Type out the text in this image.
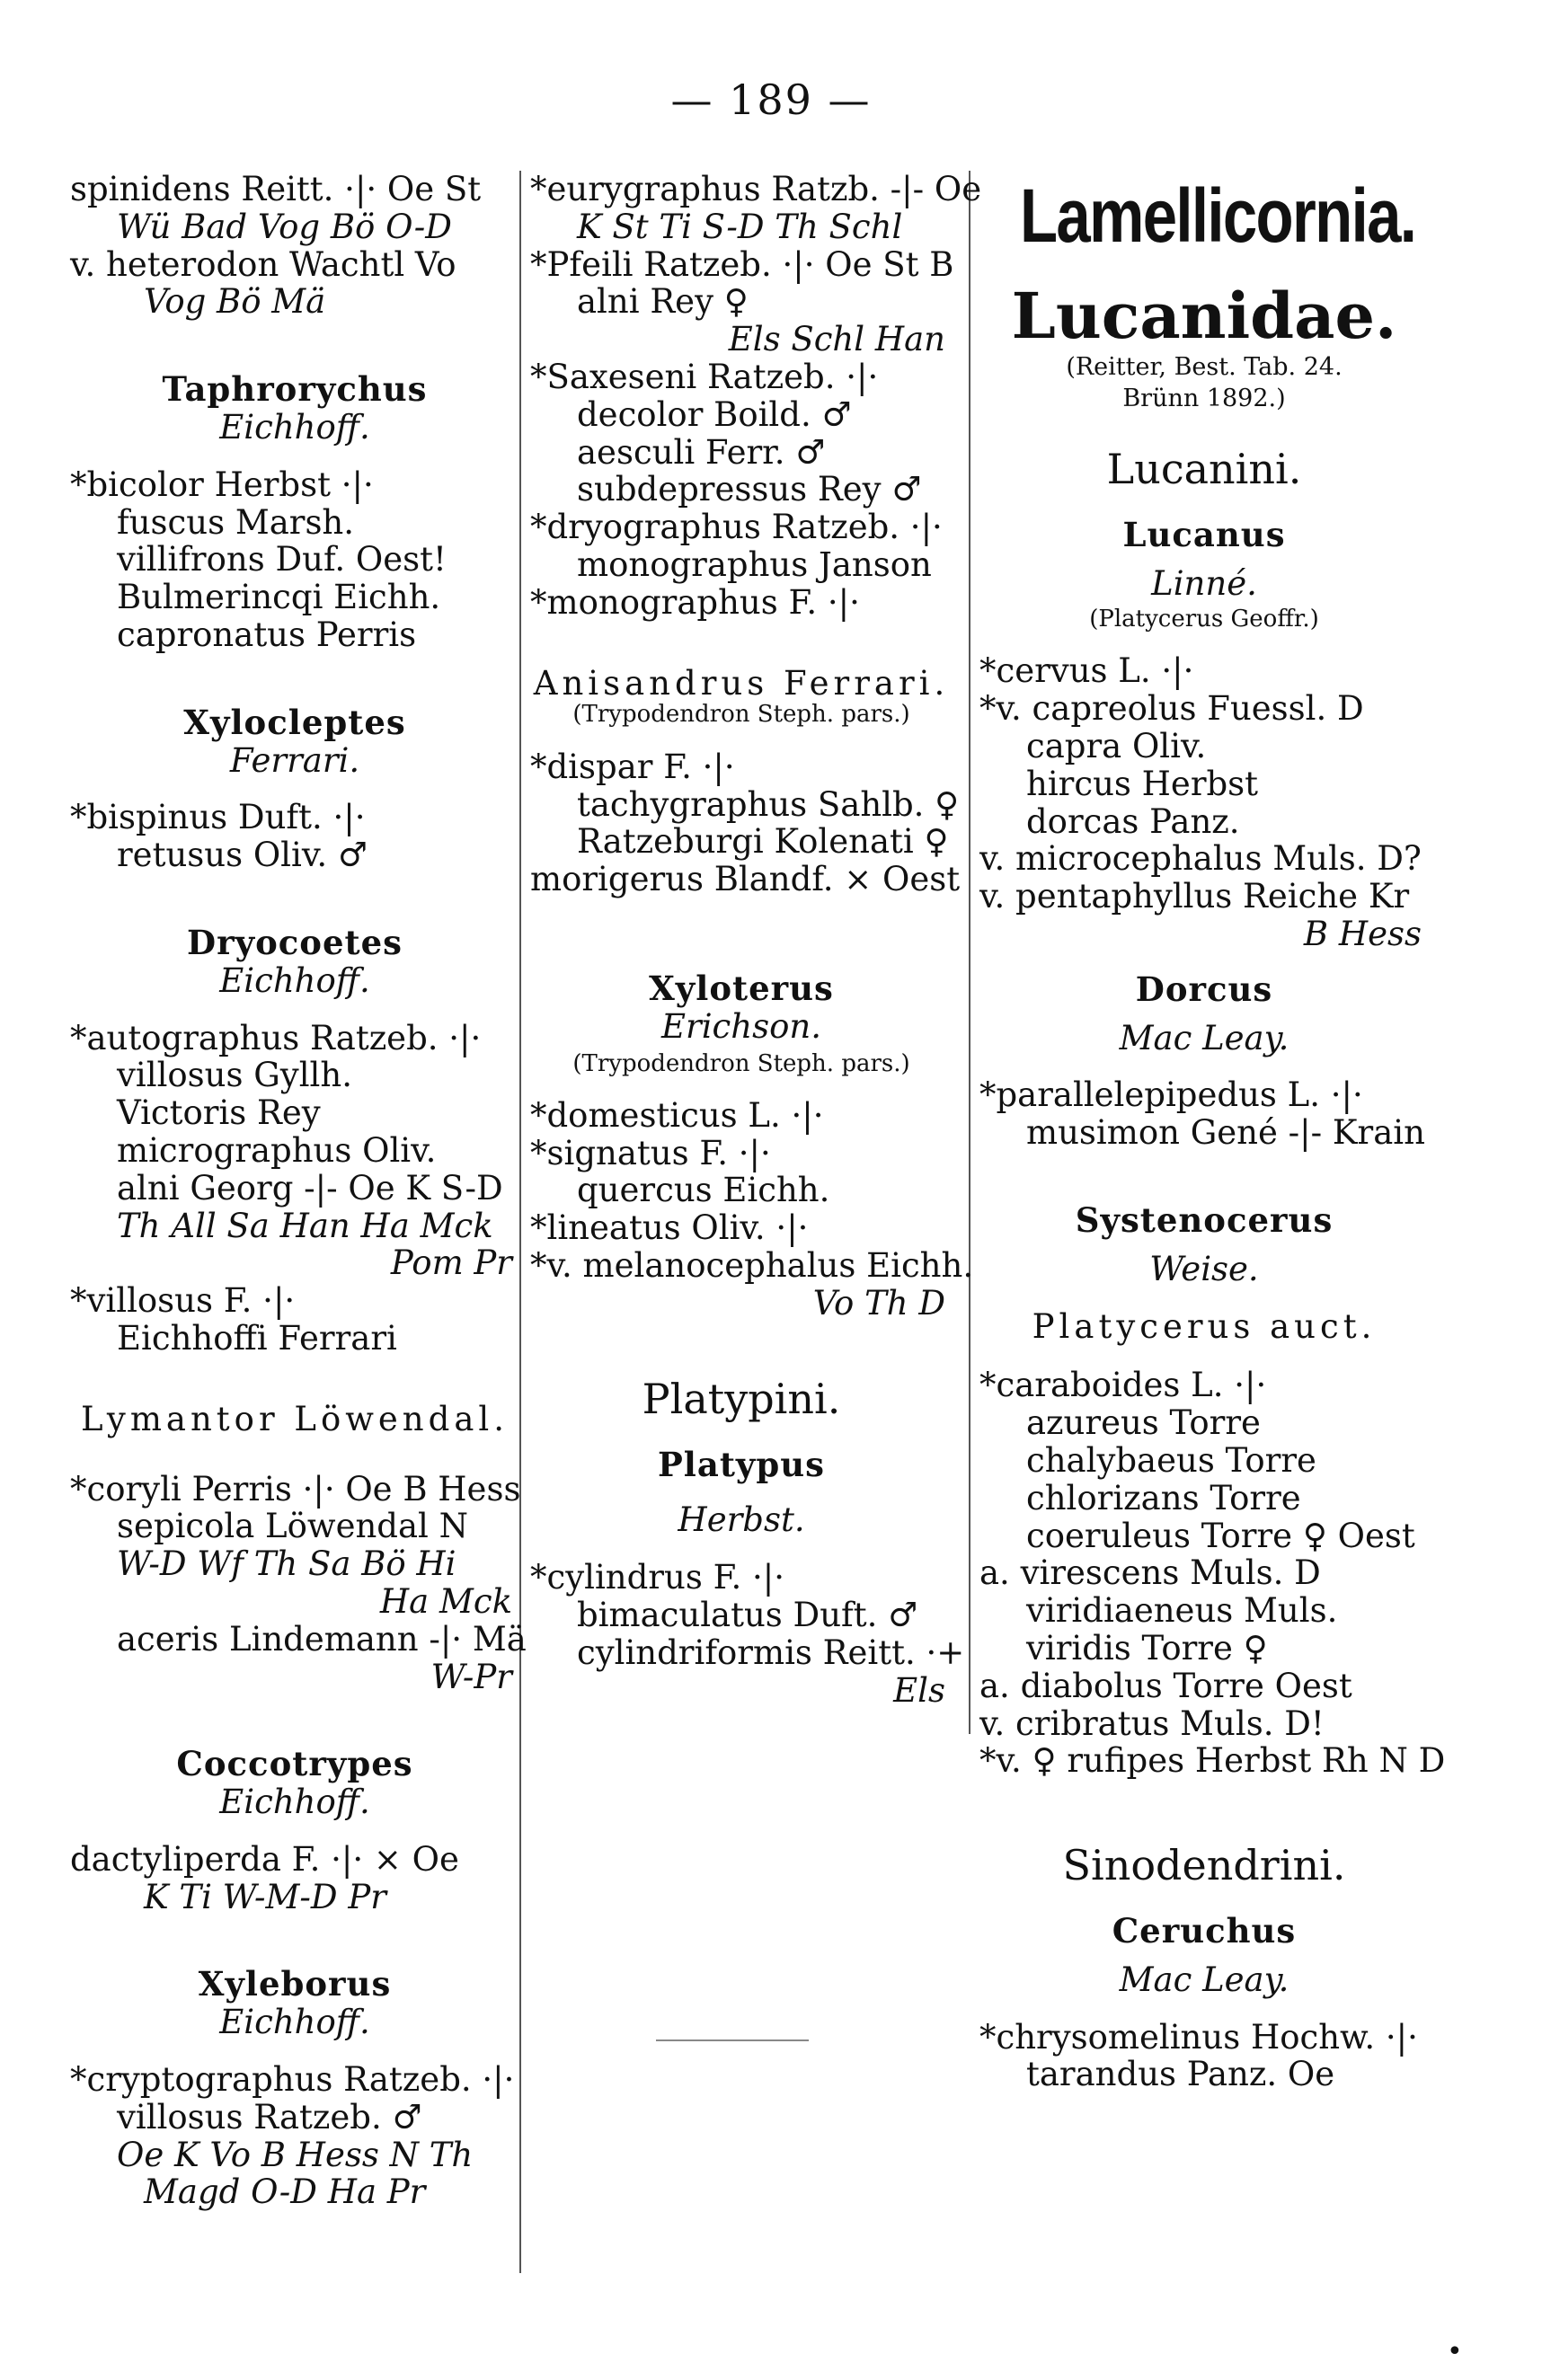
— 189 —
spinidens Reitt. ·|· Oe St
Wü Bad Vog Bö O-D
v. heterodon Wachtl Vo
Vog Bö Mä
Taphrorychus
Eichhoff.
*bicolor Herbst ·|·
fuscus Marsh.
villifrons Duf. Oest!
Bulmerincqi Eichh.
capronatus Perris
Xylocleptes
Ferrari.
*bispinus Duft. ·|·
retusus Oliv. ♂
Dryocoetes
Eichhoff.
*autographus Ratzeb. ·|·
villosus Gyllh.
Victoris Rey
micrographus Oliv.
alni Georg -|- Oe K S-D
Th All Sa Han Ha Mck
Pom Pr
*villosus F. ·|·
Eichhoffi Ferrari
Lymantor Löwendal.
*coryli Perris ·|· Oe B Hess
sepicola Löwendal N
W-D Wf Th Sa Bö Hi
Ha Mck
aceris Lindemann -|· Mä
W-Pr
Coccotrypes
Eichhoff.
dactyliperda F. ·|· ⨯ Oe
K Ti W-M-D Pr
Xyleborus
Eichhoff.
*cryptographus Ratzeb. ·|·
villosus Ratzeb. ♂
Oe K Vo B Hess N Th
Magd O-D Ha Pr
*eurygraphus Ratzb. -|- Oe
K St Ti S-D Th Schl
*Pfeili Ratzeb. ·|· Oe St B
alni Rey ♀
Els Schl Han
*Saxeseni Ratzeb. ·|·
decolor Boild. ♂
aesculi Ferr. ♂
subdepressus Rey ♂
*dryographus Ratzeb. ·|·
monographus Janson
*monographus F. ·|·
Anisandrus Ferrari.
(Trypodendron Steph. pars.)
*dispar F. ·|·
tachygraphus Sahlb. ♀
Ratzeburgi Kolenati ♀
morigerus Blandf. ⨯ Oest
Xyloterus
Erichson.
(Trypodendron Steph. pars.)
*domesticus L. ·|·
*signatus F. ·|·
quercus Eichh.
*lineatus Oliv. ·|·
*v. melanocephalus Eichh.
Vo Th D
Platypini.
Platypus
Herbst.
*cylindrus F. ·|·
bimaculatus Duft. ♂
cylindriformis Reitt. ·+
Els
Lamellicornia.
Lucanidae.
(Reitter, Best. Tab. 24.
Brünn 1892.)
Lucanini.
Lucanus
Linné.
(Platycerus Geoffr.)
*cervus L. ·|·
*v. capreolus Fuessl. D
capra Oliv.
hircus Herbst
dorcas Panz.
v. microcephalus Muls. D?
v. pentaphyllus Reiche Kr
B Hess
Dorcus
Mac Leay.
*parallelepipedus L. ·|·
musimon Gené -|- Krain
Systenocerus
Weise.
Platycerus auct.
*caraboides L. ·|·
azureus Torre
chalybaeus Torre
chlorizans Torre
coeruleus Torre ♀ Oest
a. virescens Muls. D
viridiaeneus Muls.
viridis Torre ♀
a. diabolus Torre Oest
v. cribratus Muls. D!
*v. ♀ rufipes Herbst Rh N D
Sinodendrini.
Ceruchus
Mac Leay.
*chrysomelinus Hochw. ·|·
tarandus Panz. Oe
•
